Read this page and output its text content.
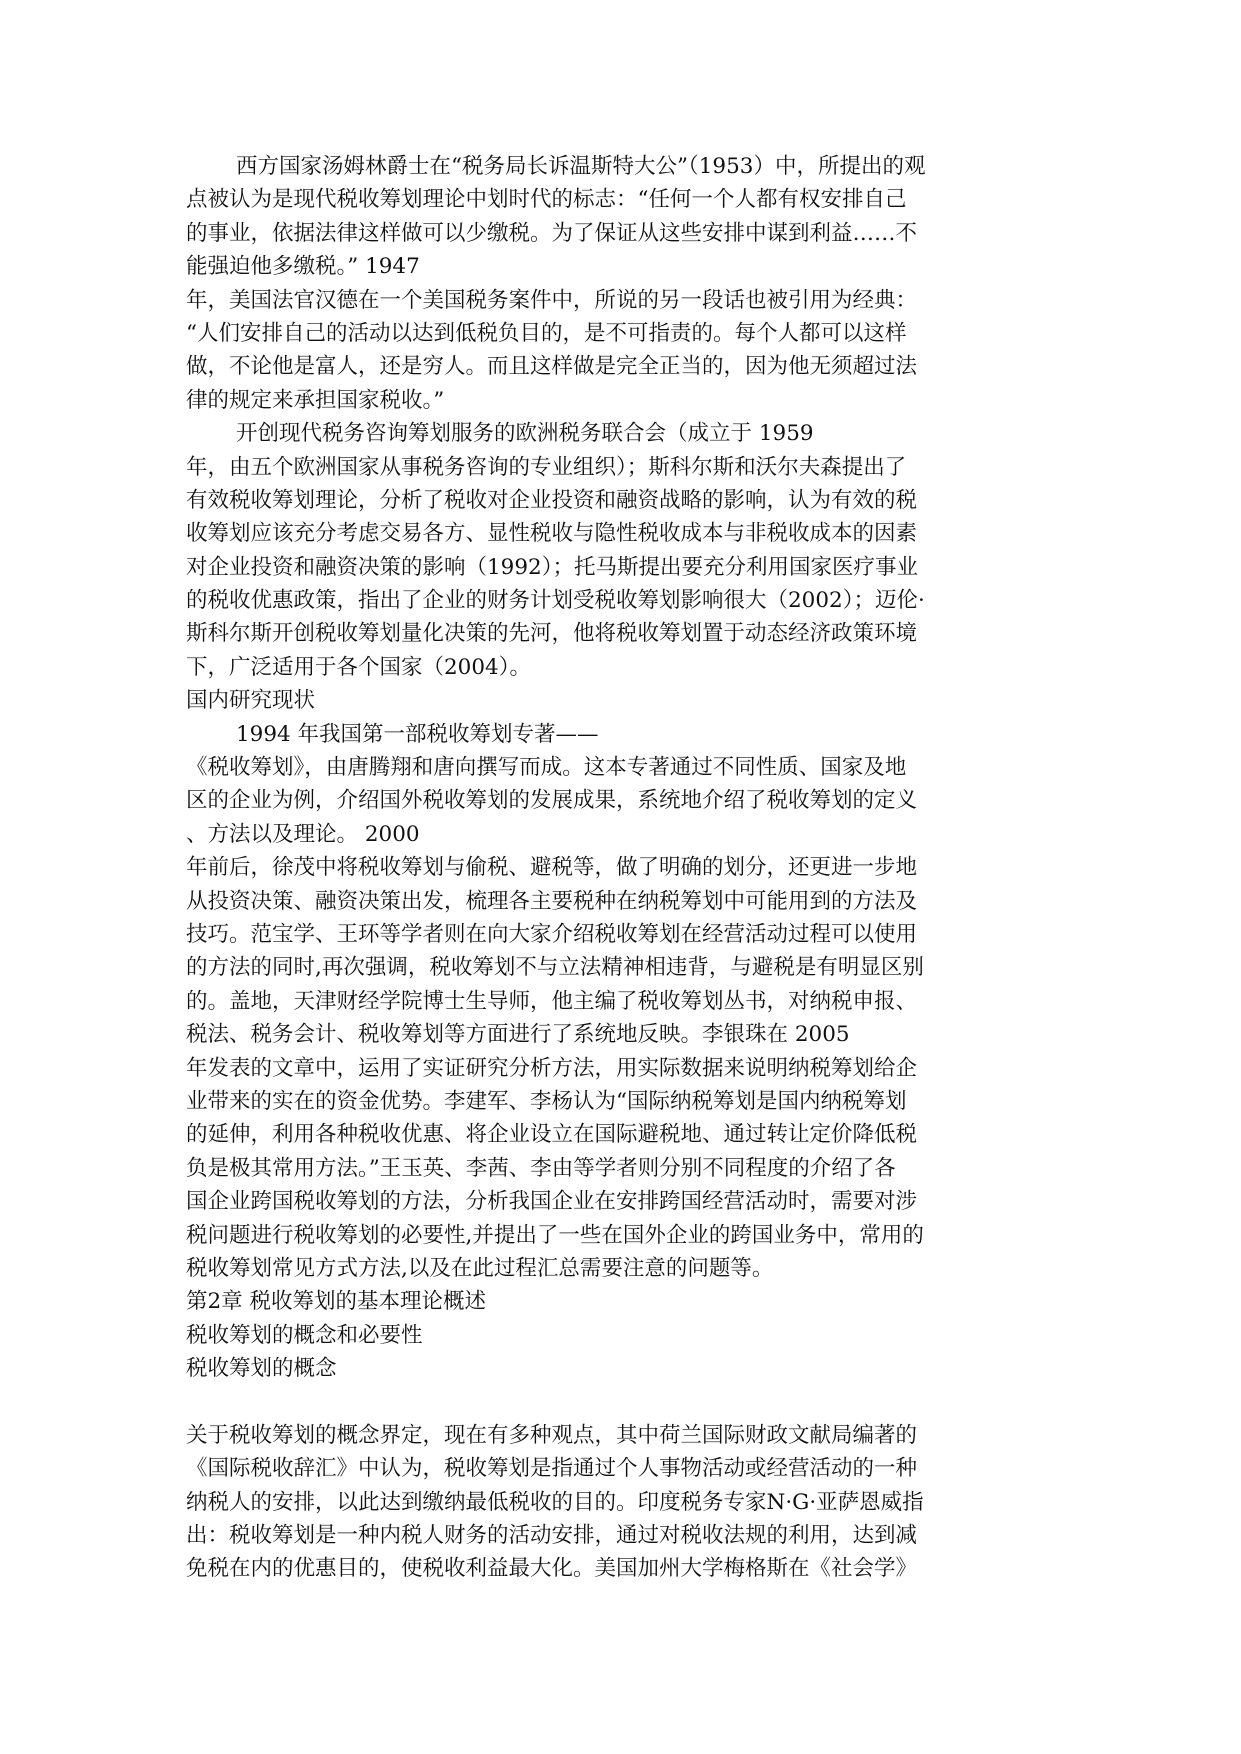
西方国家汤姆林爵士在“税务局长诉温斯特大公”（1953）中，所提出的观
点被认为是现代税收筹划理论中划时代的标志：“任何一个人都有权安排自己
的事业，依据法律这样做可以少缴税。为了保证从这些安排中谋到利益……不
能强迫他多缴税。” 1947
年，美国法官汉德在一个美国税务案件中，所说的另一段话也被引用为经典：
“人们安排自己的活动以达到低税负目的，是不可指责的。每个人都可以这样
做，不论他是富人，还是穷人。而且这样做是完全正当的，因为他无须超过法
律的规定来承担国家税收。”
开创现代税务咨询筹划服务的欧洲税务联合会（成立于 1959
年，由五个欧洲国家从事税务咨询的专业组织）；斯科尔斯和沃尔夫森提出了
有效税收筹划理论，分析了税收对企业投资和融资战略的影响，认为有效的税
收筹划应该充分考虑交易各方、显性税收与隐性税收成本与非税收成本的因素
对企业投资和融资决策的影响（1992）；托马斯提出要充分利用国家医疗事业
的税收优惠政策，指出了企业的财务计划受税收筹划影响很大（2002）；迈伦·
斯科尔斯开创税收筹划量化决策的先河，他将税收筹划置于动态经济政策环境
下，广泛适用于各个国家（2004）。
国内研究现状
1994 年我国第一部税收筹划专著——
《税收筹划》，由唐腾翔和唐向撰写而成。这本专著通过不同性质、国家及地
区的企业为例，介绍国外税收筹划的发展成果，系统地介绍了税收筹划的定义
、方法以及理论。 2000
年前后，徐茂中将税收筹划与偷税、避税等，做了明确的划分，还更进一步地
从投资决策、融资决策出发，梳理各主要税种在纳税筹划中可能用到的方法及
技巧。范宝学、王环等学者则在向大家介绍税收筹划在经营活动过程可以使用
的方法的同时,再次强调，税收筹划不与立法精神相违背，与避税是有明显区别
的。盖地，天津财经学院博士生导师，他主编了税收筹划丛书，对纳税申报、
税法、税务会计、税收筹划等方面进行了系统地反映。李银珠在 2005
年发表的文章中，运用了实证研究分析方法，用实际数据来说明纳税筹划给企
业带来的实在的资金优势。李建军、李杨认为“国际纳税筹划是国内纳税筹划
的延伸，利用各种税收优惠、将企业设立在国际避税地、通过转让定价降低税
负是极其常用方法。”王玉英、李茜、李由等学者则分别不同程度的介绍了各
国企业跨国税收筹划的方法，分析我国企业在安排跨国经营活动时，需要对涉
税问题进行税收筹划的必要性,并提出了一些在国外企业的跨国业务中，常用的
税收筹划常见方式方法,以及在此过程汇总需要注意的问题等。
第2章 税收筹划的基本理论概述
税收筹划的概念和必要性
税收筹划的概念
关于税收筹划的概念界定，现在有多种观点，其中荷兰国际财政文献局编著的
《国际税收辞汇》中认为，税收筹划是指通过个人事物活动或经营活动的一种
纳税人的安排，以此达到缴纳最低税收的目的。印度税务专家N·G·亚萨恩威指
出：税收筹划是一种内税人财务的活动安排，通过对税收法规的利用，达到减
免税在内的优惠目的，使税收利益最大化。美国加州大学梅格斯在《社会学》
